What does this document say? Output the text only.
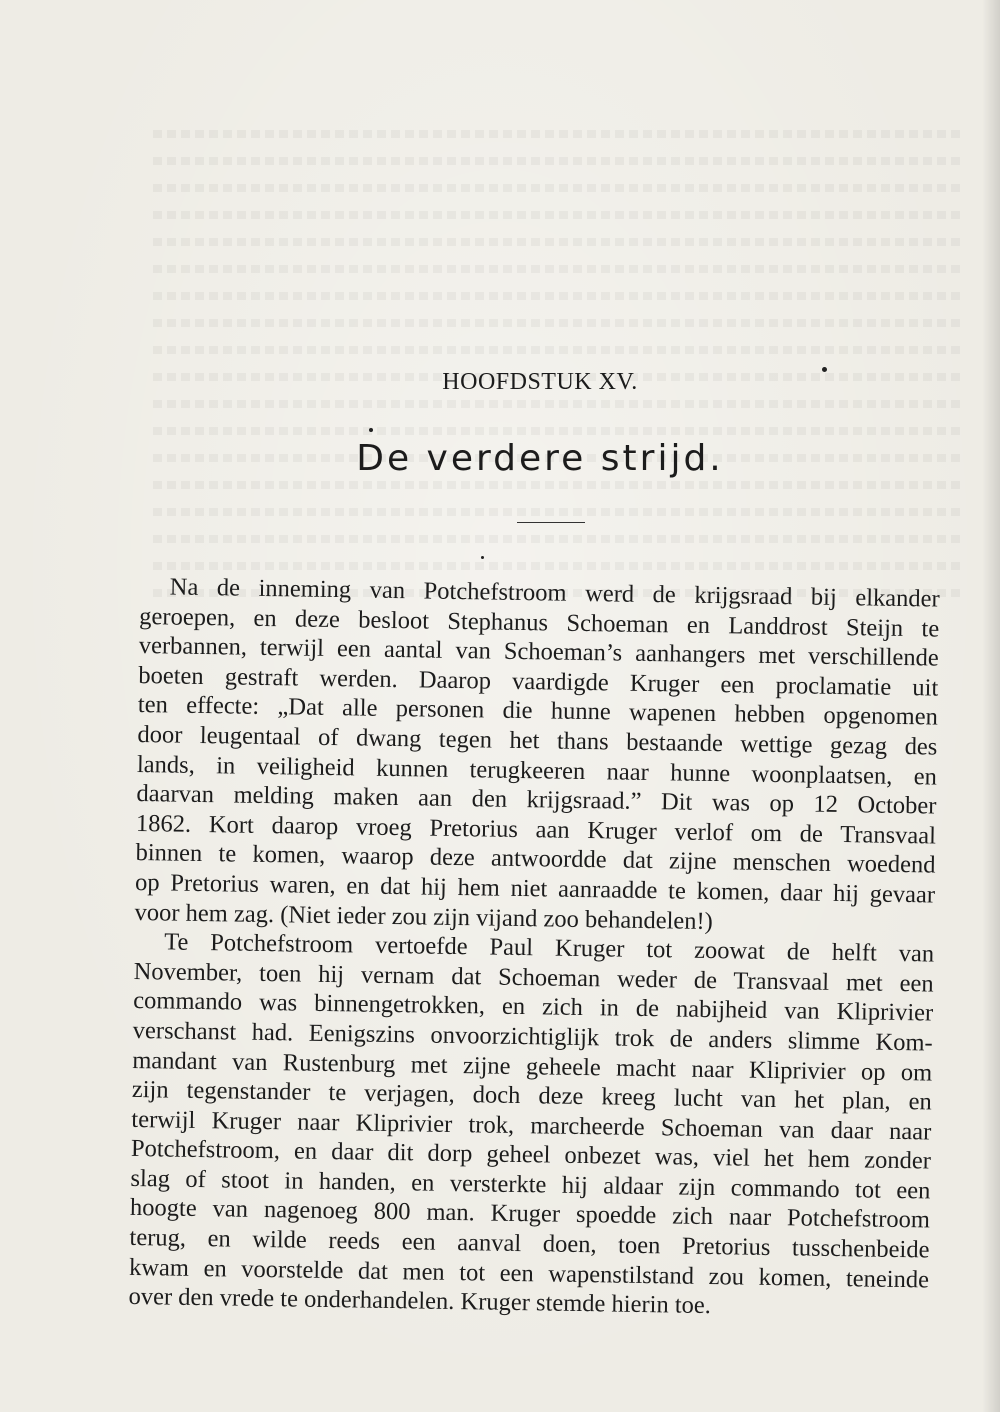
HOOFDSTUK XV.
De verdere strijd.
Na de inneming van Potchefstroom werd de krijgsraad bij elkander
geroepen, en deze besloot Stephanus Schoeman en Landdrost Steijn te
verbannen, terwijl een aantal van Schoeman’s aanhangers met verschillende
boeten gestraft werden. Daarop vaardigde Kruger een proclamatie uit
ten effecte: „Dat alle personen die hunne wapenen hebben opgenomen
door leugentaal of dwang tegen het thans bestaande wettige gezag des
lands, in veiligheid kunnen terugkeeren naar hunne woonplaatsen, en
daarvan melding maken aan den krijgsraad.” Dit was op 12 October
1862. Kort daarop vroeg Pretorius aan Kruger verlof om de Transvaal
binnen te komen, waarop deze antwoordde dat zijne menschen woedend
op Pretorius waren, en dat hij hem niet aanraadde te komen, daar hij gevaar
voor hem zag. (Niet ieder zou zijn vijand zoo behandelen!)
Te Potchefstroom vertoefde Paul Kruger tot zoowat de helft van
November, toen hij vernam dat Schoeman weder de Transvaal met een
commando was binnengetrokken, en zich in de nabijheid van Kliprivier
verschanst had. Eenigszins onvoorzichtiglijk trok de anders slimme Kom-
mandant van Rustenburg met zijne geheele macht naar Kliprivier op om
zijn tegenstander te verjagen, doch deze kreeg lucht van het plan, en
terwijl Kruger naar Kliprivier trok, marcheerde Schoeman van daar naar
Potchefstroom, en daar dit dorp geheel onbezet was, viel het hem zonder
slag of stoot in handen, en versterkte hij aldaar zijn commando tot een
hoogte van nagenoeg 800 man. Kruger spoedde zich naar Potchefstroom
terug, en wilde reeds een aanval doen, toen Pretorius tusschenbeide
kwam en voorstelde dat men tot een wapenstilstand zou komen, teneinde
over den vrede te onderhandelen. Kruger stemde hierin toe.
